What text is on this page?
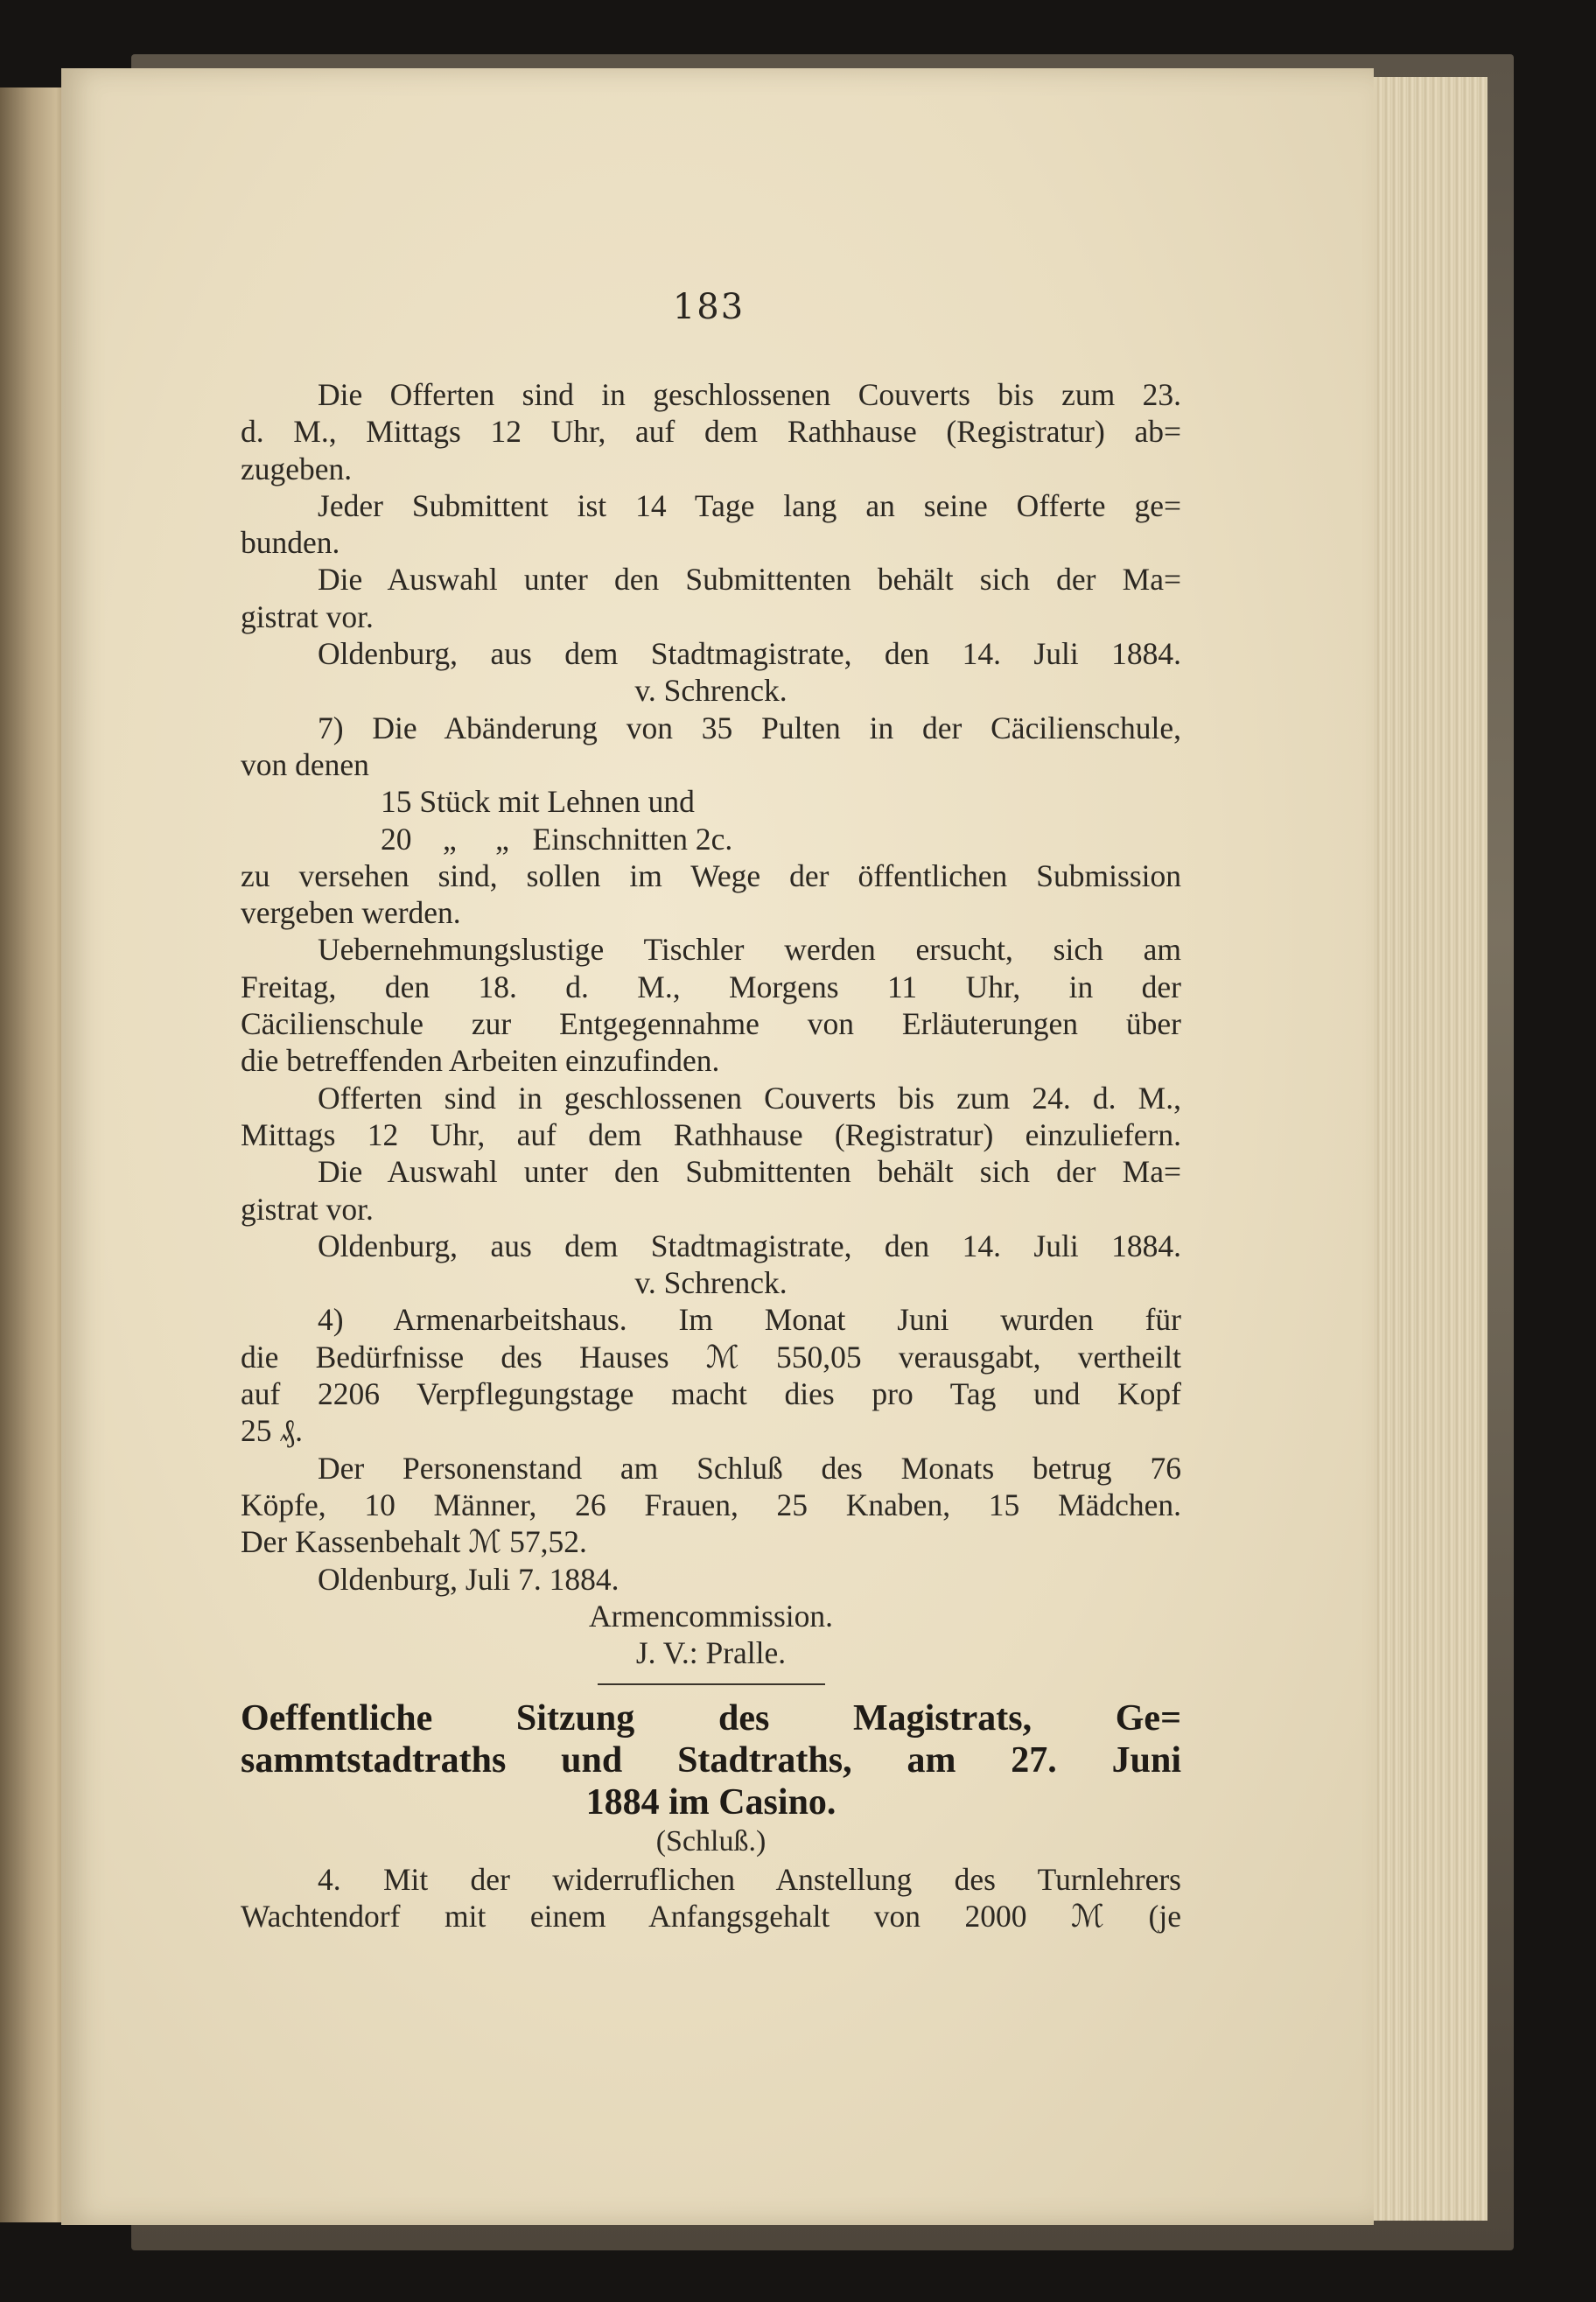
183
Die Offerten sind in geschlossenen Couverts bis zum 23.
d. M., Mittags 12 Uhr, auf dem Rathhause (Registratur) ab=
zugeben.
Jeder Submittent ist 14 Tage lang an seine Offerte ge=
bunden.
Die Auswahl unter den Submittenten behält sich der Ma=
gistrat vor.
Oldenburg, aus dem Stadtmagistrate, den 14. Juli 1884.
v. Schrenck.
7) Die Abänderung von 35 Pulten in der Cäcilienschule,
von denen
15 Stück mit Lehnen und
20    „     „   Einschnitten 2c.
zu versehen sind, sollen im Wege der öffentlichen Submission
vergeben werden.
Uebernehmungslustige Tischler werden ersucht, sich am
Freitag, den 18. d. M., Morgens 11 Uhr, in der
Cäcilienschule zur Entgegennahme von Erläuterungen über
die betreffenden Arbeiten einzufinden.
Offerten sind in geschlossenen Couverts bis zum 24. d. M.,
Mittags 12 Uhr, auf dem Rathhause (Registratur) einzuliefern.
Die Auswahl unter den Submittenten behält sich der Ma=
gistrat vor.
Oldenburg, aus dem Stadtmagistrate, den 14. Juli 1884.
v. Schrenck.
4) Armenarbeitshaus. Im Monat Juni wurden für
die Bedürfnisse des Hauses ℳ 550,05 verausgabt, vertheilt
auf 2206 Verpflegungstage macht dies pro Tag und Kopf
25 ₰.
Der Personenstand am Schluß des Monats betrug 76
Köpfe, 10 Männer, 26 Frauen, 25 Knaben, 15 Mädchen.
Der Kassenbehalt ℳ 57,52.
Oldenburg, Juli 7. 1884.
Armencommission.
J. V.: Pralle.
Oeffentliche Sitzung des Magistrats, Ge=
sammtstadtraths und Stadtraths, am 27. Juni
1884 im Casino.
(Schluß.)
4. Mit der widerruflichen Anstellung des Turnlehrers
Wachtendorf mit einem Anfangsgehalt von 2000 ℳ (je
